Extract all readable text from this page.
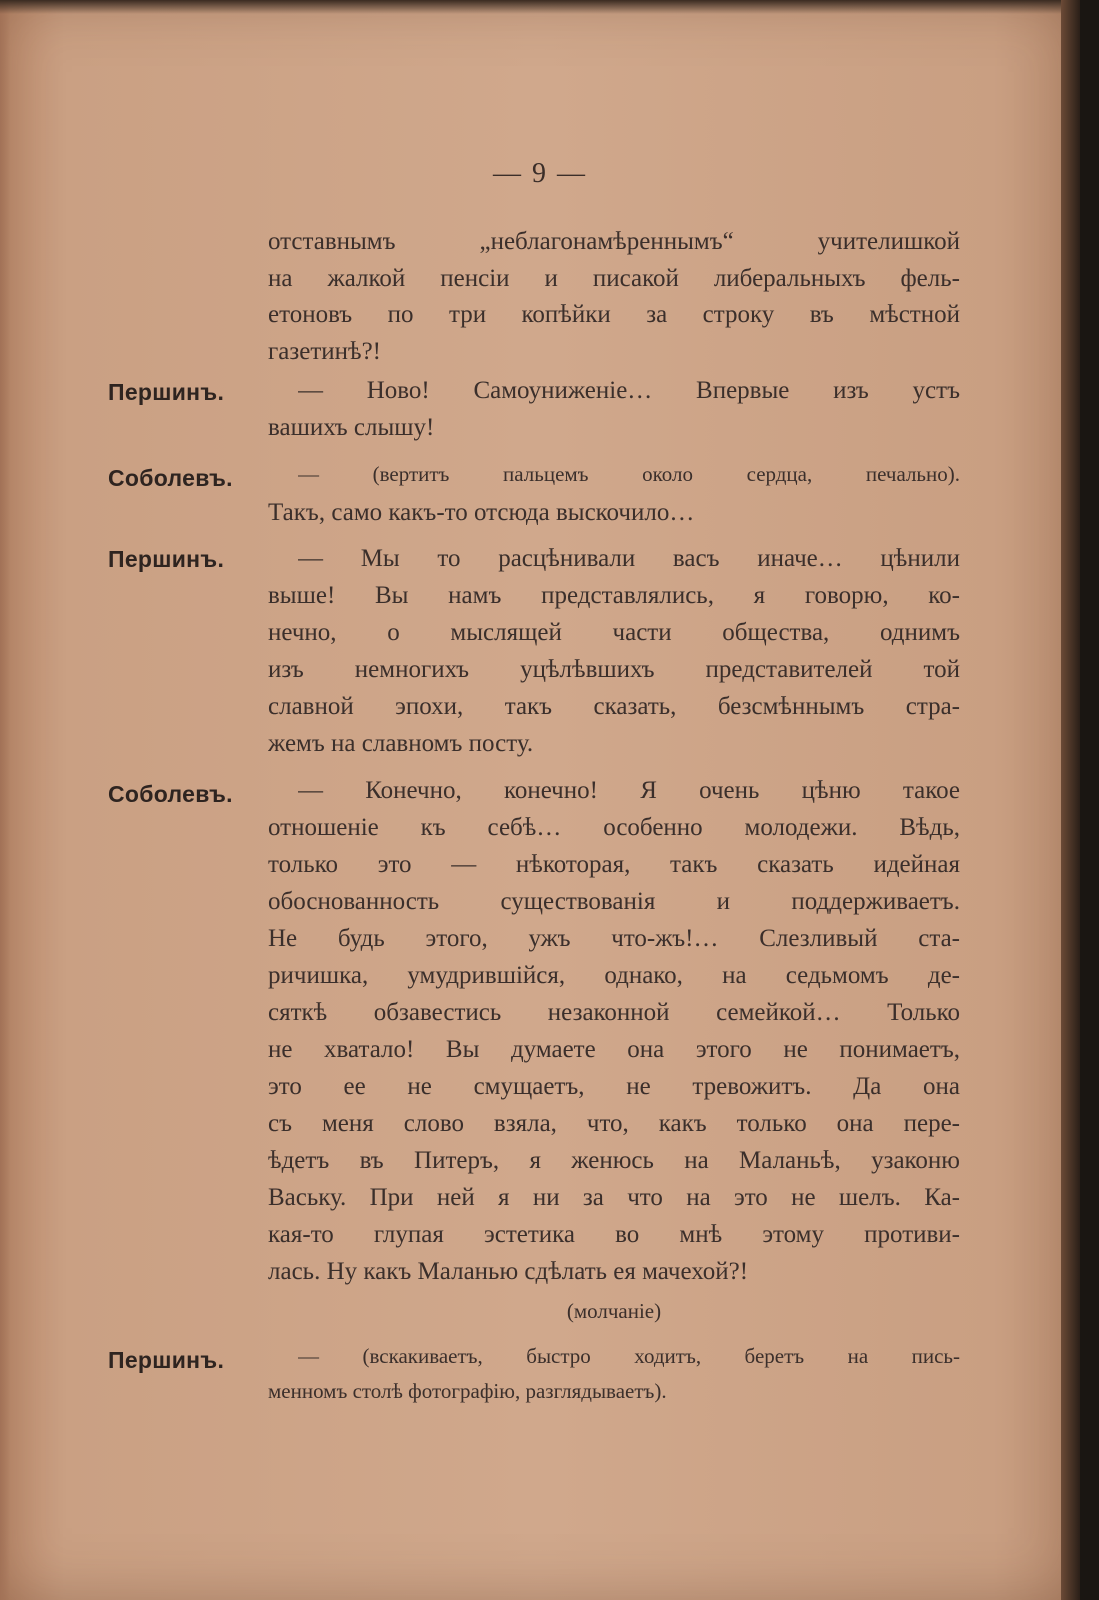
— 9 —
отставнымъ „неблагонамѣреннымъ“ учителишкой
на жалкой пенсіи и писакой либеральныхъ фель-
етоновъ по три копѣйки за строку въ мѣстной
газетинѣ?!
Першинъ.	— Ново! Самоуниженіе… Впервые изъ устъ
вашихъ слышу!
Соболевъ.	— (вертитъ пальцемъ около сердца, печально).
Такъ, само какъ-то отсюда выскочило…
Першинъ.	— Мы то расцѣнивали васъ иначе… цѣнили
выше! Вы намъ представлялись, я говорю, ко-
нечно, о мыслящей части общества, однимъ
изъ немногихъ уцѣлѣвшихъ представителей той
славной эпохи, такъ сказать, безсмѣннымъ стра-
жемъ на славномъ посту.
Соболевъ.	— Конечно, конечно! Я очень цѣню такое
отношеніе къ себѣ… особенно молодежи. Вѣдь,
только это — нѣкоторая, такъ сказать идейная
обоснованность существованія и поддерживаетъ.
Не будь этого, ужъ что-жъ!… Слезливый ста-
ричишка, умудрившійся, однако, на седьмомъ де-
сяткѣ обзавестись незаконной семейкой… Только
не хватало! Вы думаете она этого не понимаетъ,
это ее не смущаетъ, не тревожитъ. Да она
съ меня слово взяла, что, какъ только она пере-
ѣдетъ въ Питеръ, я женюсь на Маланьѣ, узаконю
Ваську. При ней я ни за что на это не шелъ. Ка-
кая-то глупая эстетика во мнѣ этому противи-
лась. Ну какъ Маланью сдѣлать ея мачехой?!
(молчаніе)
Першинъ.	— (вскакиваетъ, быстро ходитъ, беретъ на пись-
менномъ столѣ фотографію, разглядываетъ).
